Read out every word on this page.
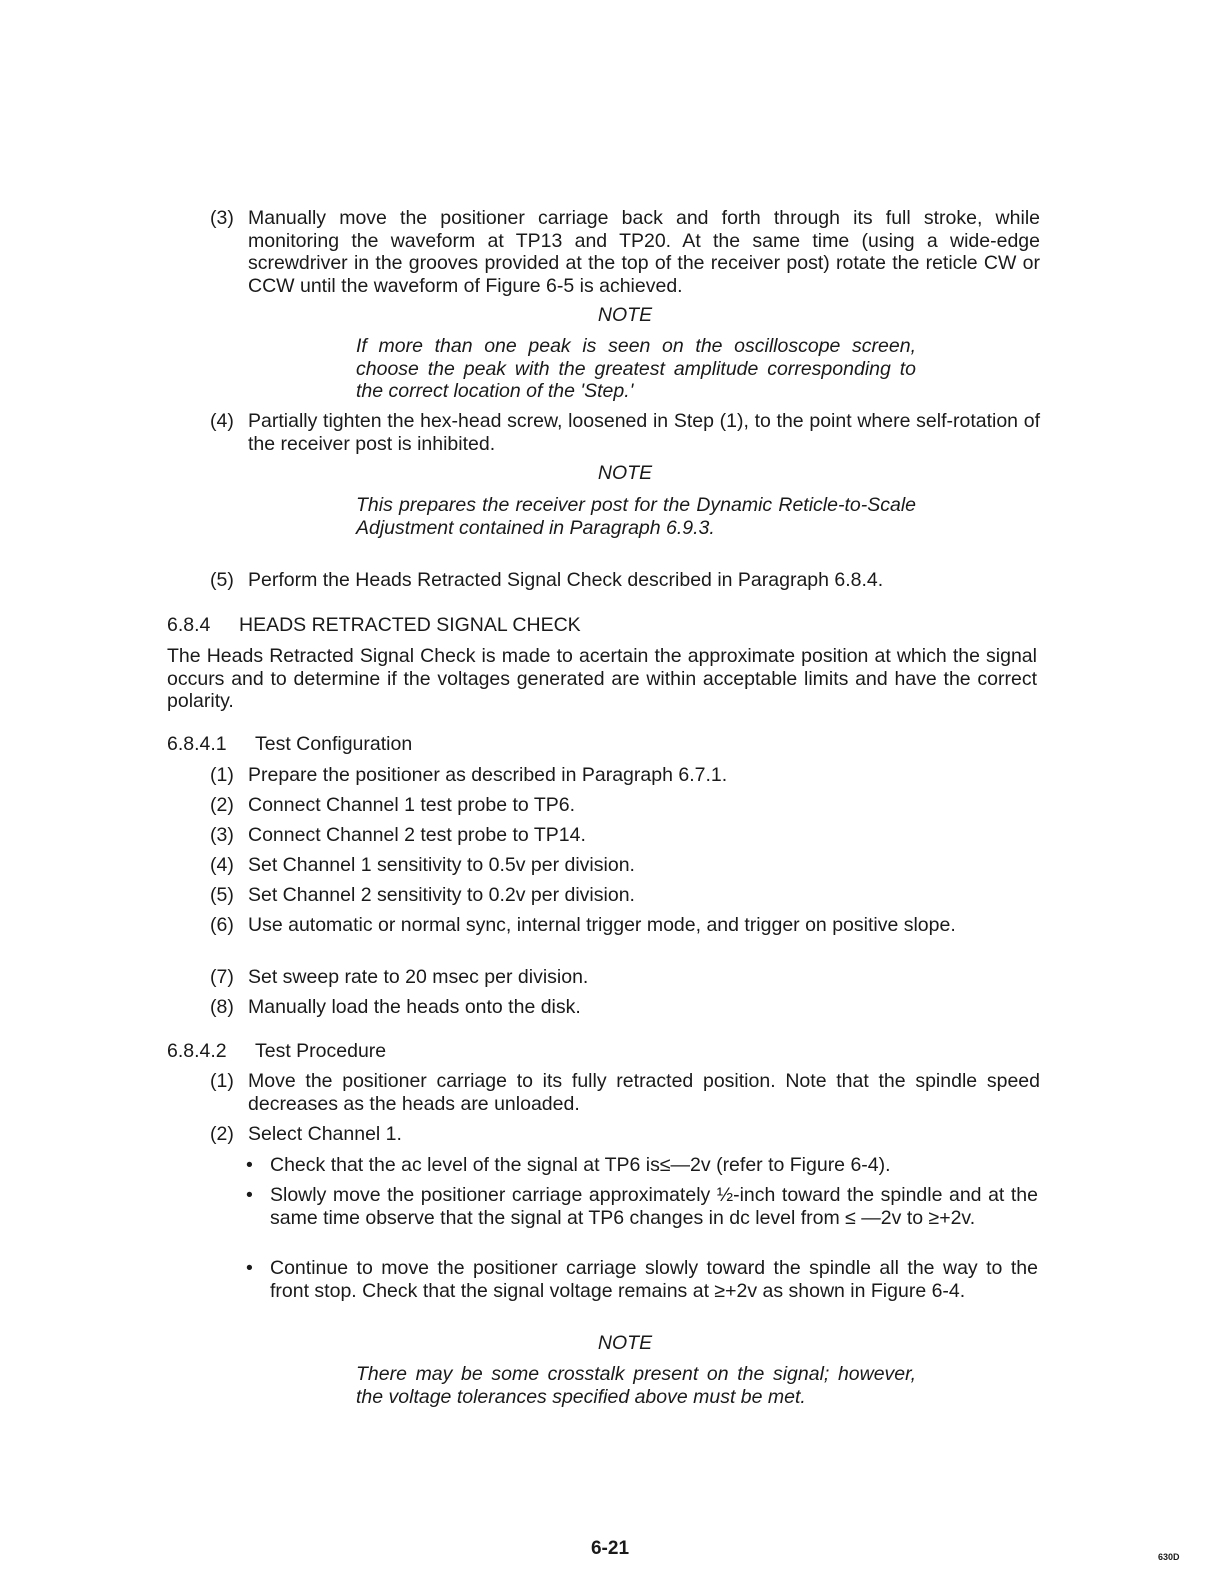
(3) Manually move the positioner carriage back and forth through its full stroke, while monitoring the waveform at TP13 and TP20. At the same time (using a wide-edge screwdriver in the grooves provided at the top of the receiver post) rotate the reticle CW or CCW until the waveform of Figure 6-5 is achieved.
NOTE
If more than one peak is seen on the oscilloscope screen, choose the peak with the greatest amplitude corresponding to the correct location of the 'Step.'
(4) Partially tighten the hex-head screw, loosened in Step (1), to the point where self-rotation of the receiver post is inhibited.
NOTE
This prepares the receiver post for the Dynamic Reticle-to-Scale Adjustment contained in Paragraph 6.9.3.
(5) Perform the Heads Retracted Signal Check described in Paragraph 6.8.4.
6.8.4 HEADS RETRACTED SIGNAL CHECK
The Heads Retracted Signal Check is made to acertain the approximate position at which the signal occurs and to determine if the voltages generated are within acceptable limits and have the correct polarity.
6.8.4.1 Test Configuration
(1) Prepare the positioner as described in Paragraph 6.7.1.
(2) Connect Channel 1 test probe to TP6.
(3) Connect Channel 2 test probe to TP14.
(4) Set Channel 1 sensitivity to 0.5v per division.
(5) Set Channel 2 sensitivity to 0.2v per division.
(6) Use automatic or normal sync, internal trigger mode, and trigger on positive slope.
(7) Set sweep rate to 20 msec per division.
(8) Manually load the heads onto the disk.
6.8.4.2 Test Procedure
(1) Move the positioner carriage to its fully retracted position. Note that the spindle speed decreases as the heads are unloaded.
(2) Select Channel 1.
• Check that the ac level of the signal at TP6 is≤—2v (refer to Figure 6-4).
• Slowly move the positioner carriage approximately ½-inch toward the spindle and at the same time observe that the signal at TP6 changes in dc level from ≤ —2v to ≥+2v.
• Continue to move the positioner carriage slowly toward the spindle all the way to the front stop. Check that the signal voltage remains at ≥+2v as shown in Figure 6-4.
NOTE
There may be some crosstalk present on the signal; however, the voltage tolerances specified above must be met.
6-21	630D
